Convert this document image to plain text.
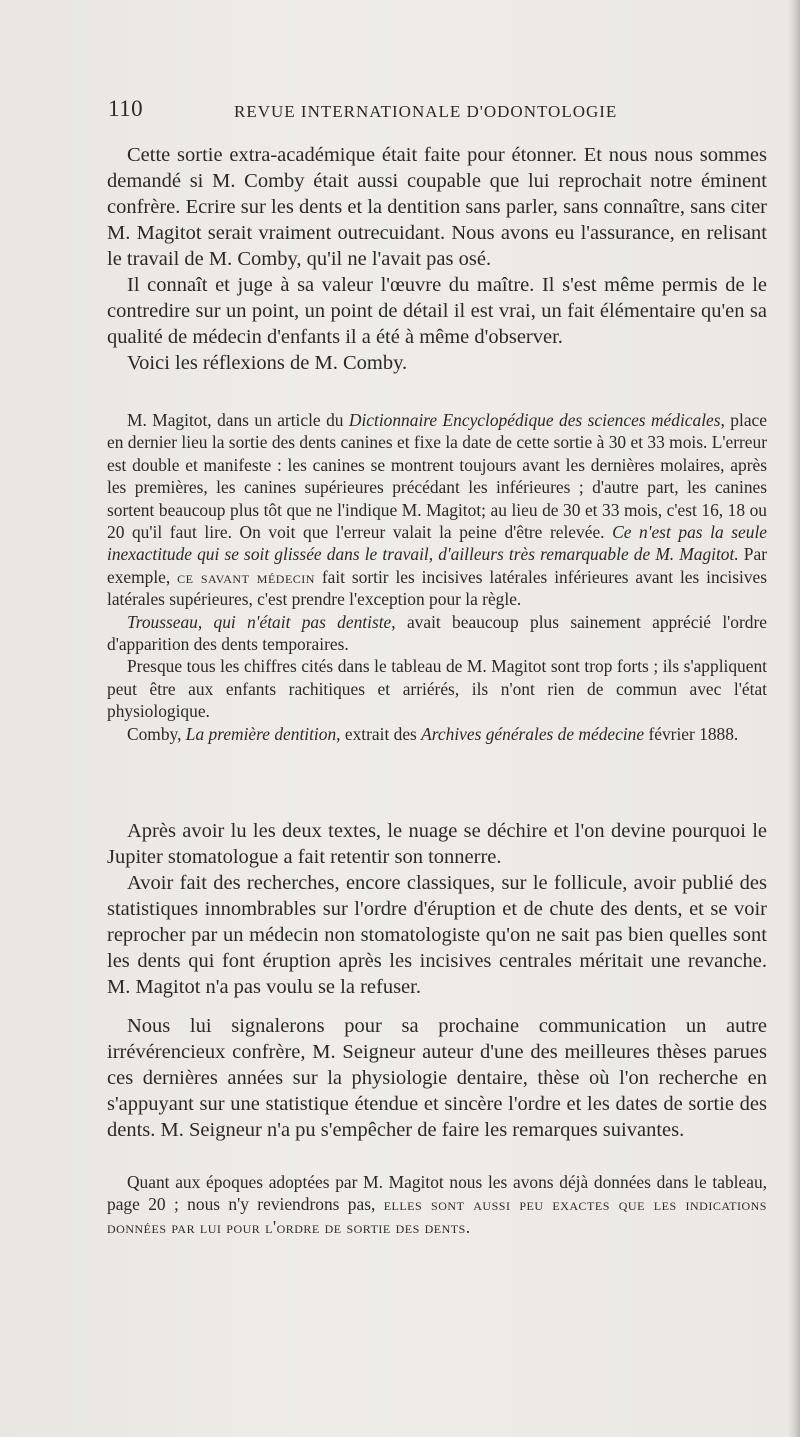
110	REVUE INTERNATIONALE D'ODONTOLOGIE

Cette sortie extra-académique était faite pour étonner. Et nous nous sommes demandé si M. Comby était aussi coupable que lui reprochait notre éminent confrère. Ecrire sur les dents et la dentition sans parler, sans connaître, sans citer M. Magitot serait vraiment outrecuidant. Nous avons eu l'assurance, en relisant le travail de M. Comby, qu'il ne l'avait pas osé.

Il connaît et juge à sa valeur l'œuvre du maître. Il s'est même permis de le contredire sur un point, un point de détail il est vrai, un fait élémentaire qu'en sa qualité de médecin d'enfants il a été à même d'observer.

Voici les réflexions de M. Comby.

M. Magitot, dans un article du Dictionnaire Encyclopédique des sciences médicales, place en dernier lieu la sortie des dents canines et fixe la date de cette sortie à 30 et 33 mois. L'erreur est double et manifeste : les canines se montrent toujours avant les dernières molaires, après les premières, les canines supérieures précédant les inférieures ; d'autre part, les canines sortent beaucoup plus tôt que ne l'indique M. Magitot; au lieu de 30 et 33 mois, c'est 16, 18 ou 20 qu'il faut lire. On voit que l'erreur valait la peine d'être relevée. Ce n'est pas la seule inexactitude qui se soit glissée dans le travail, d'ailleurs très remarquable de M. Magitot. Par exemple, ce savant médecin fait sortir les incisives latérales inférieures avant les incisives latérales supérieures, c'est prendre l'exception pour la règle.

Trousseau, qui n'était pas dentiste, avait beaucoup plus sainement apprécié l'ordre d'apparition des dents temporaires.

Presque tous les chiffres cités dans le tableau de M. Magitot sont trop forts ; ils s'appliquent peut être aux enfants rachitiques et arriérés, ils n'ont rien de commun avec l'état physiologique.

Comby, La première dentition, extrait des Archives générales de médecine février 1888.

Après avoir lu les deux textes, le nuage se déchire et l'on devine pourquoi le Jupiter stomatologue a fait retentir son tonnerre.

Avoir fait des recherches, encore classiques, sur le follicule, avoir publié des statistiques innombrables sur l'ordre d'éruption et de chute des dents, et se voir reprocher par un médecin non stomatologiste qu'on ne sait pas bien quelles sont les dents qui font éruption après les incisives centrales méritait une revanche. M. Magitot n'a pas voulu se la refuser.

Nous lui signalerons pour sa prochaine communication un autre irrévérencieux confrère, M. Seigneur auteur d'une des meilleures thèses parues ces dernières années sur la physiologie dentaire, thèse où l'on recherche en s'appuyant sur une statistique étendue et sincère l'ordre et les dates de sortie des dents. M. Seigneur n'a pu s'empêcher de faire les remarques suivantes.

Quant aux époques adoptées par M. Magitot nous les avons déjà données dans le tableau, page 20 ; nous n'y reviendrons pas, elles sont aussi peu exactes que les indications données par lui pour l'ordre de sortie des dents.
